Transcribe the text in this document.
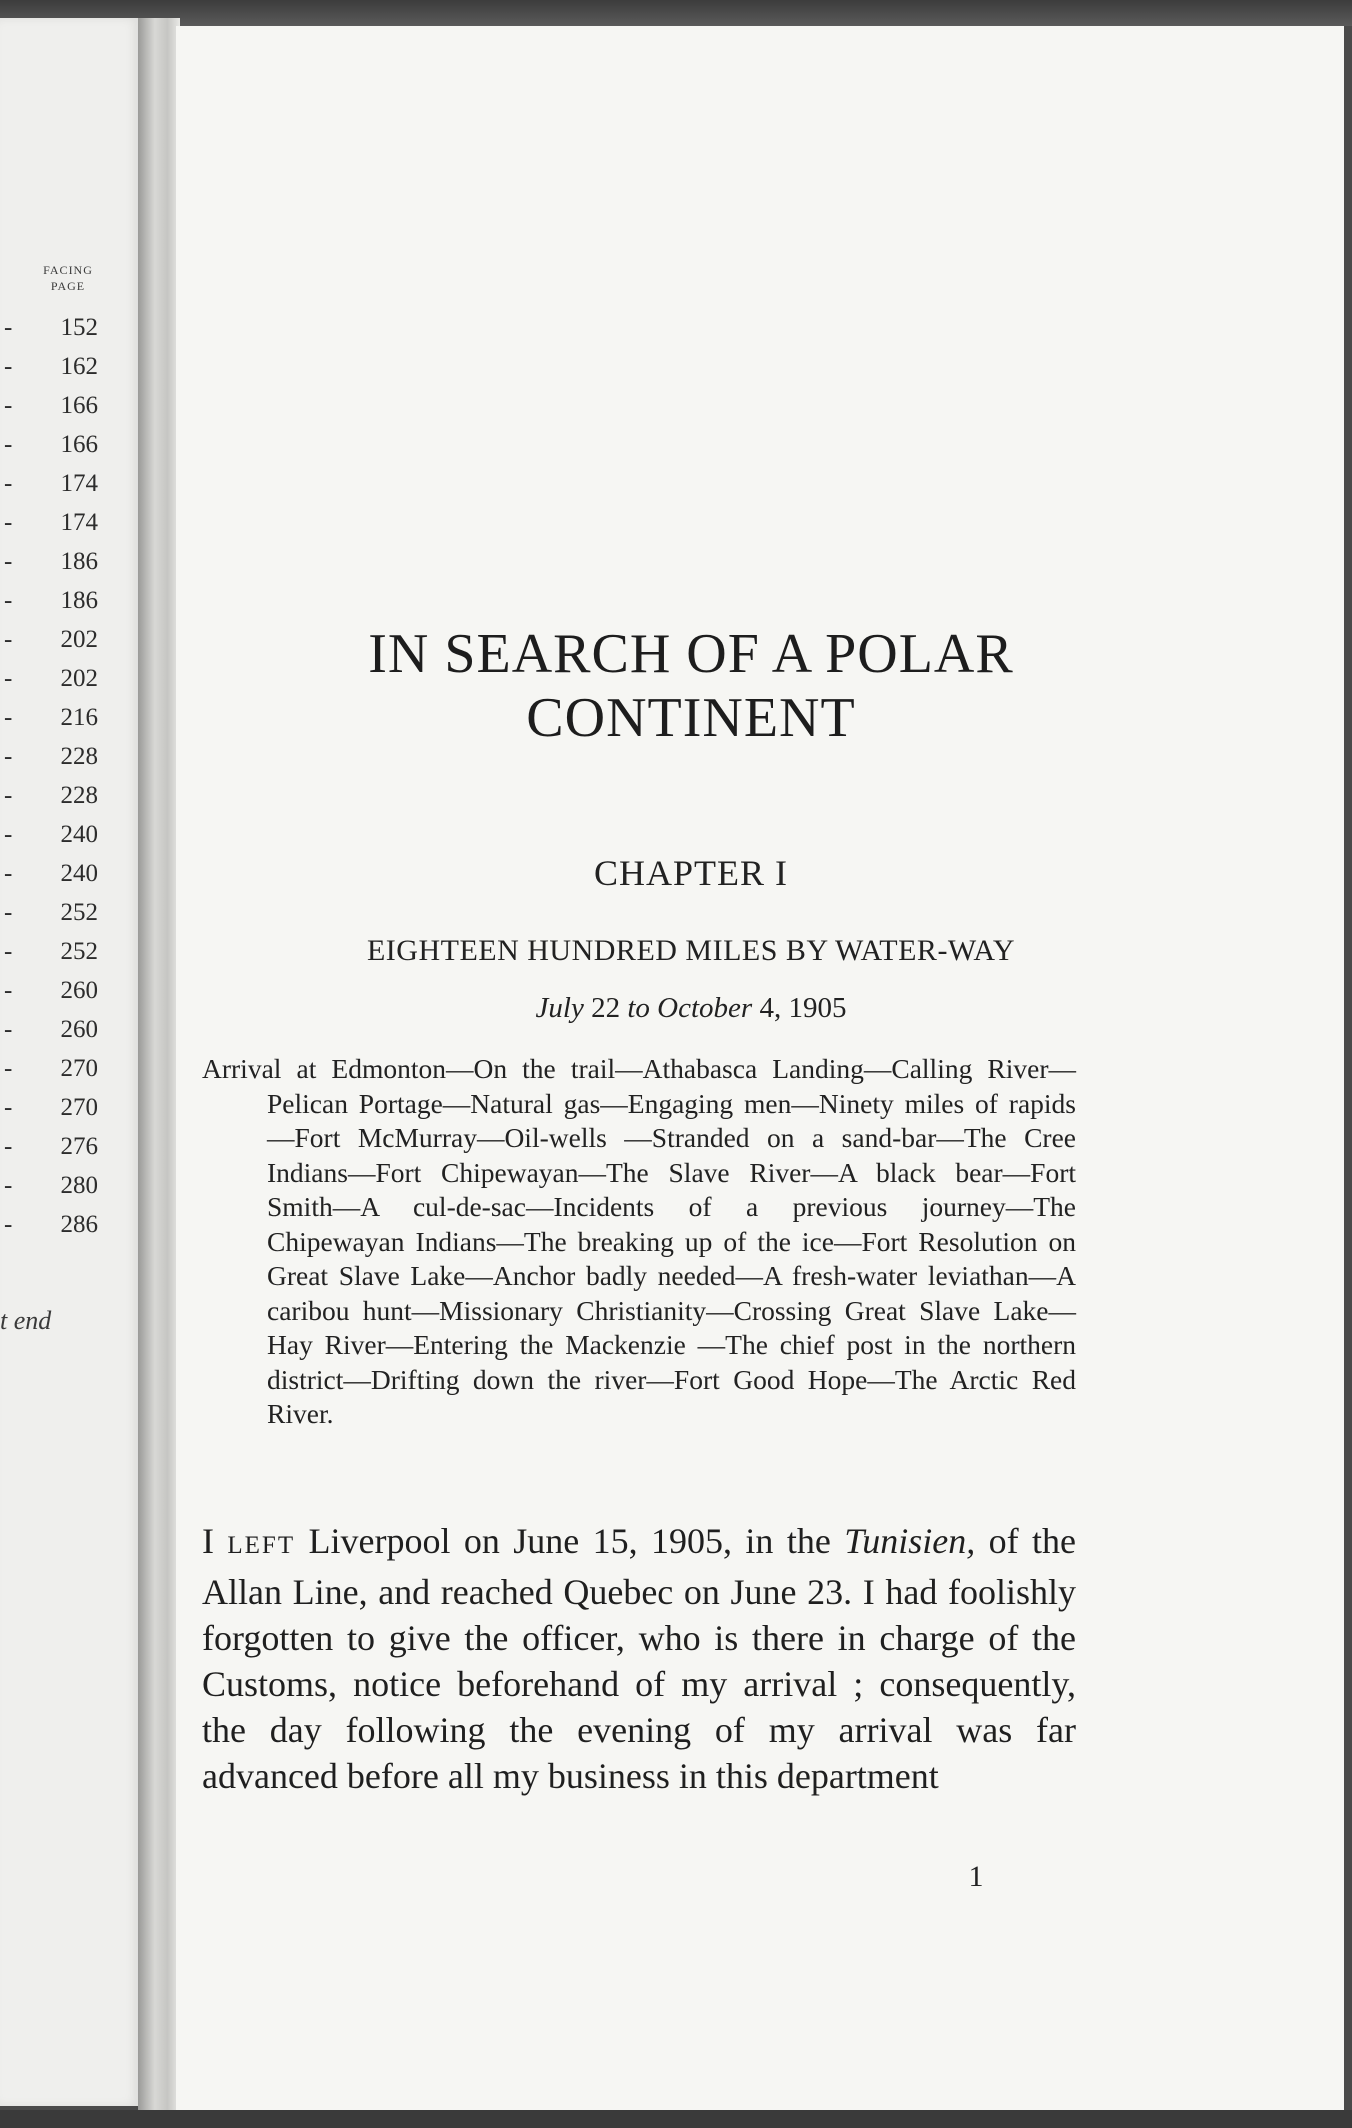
FACING
PAGE
- 152
- 162
- 166
- 166
- 174
- 174
- 186
- 186
- 202
- 202
- 216
- 228
- 228
- 240
- 240
- 252
- 252
- 260
- 260
- 270
- 270
- 276
- 280
- 286
t end
IN SEARCH OF A POLAR
CONTINENT
CHAPTER I
EIGHTEEN HUNDRED MILES BY WATER-WAY
July 22 to October 4, 1905

Arrival at Edmonton—On the trail—Athabasca Landing—Calling River—Pelican Portage—Natural gas—Engaging men—Ninety miles of rapids—Fort McMurray—Oil-wells —Stranded on a sand-bar—The Cree Indians—Fort Chipewayan—The Slave River—A black bear—Fort Smith—A cul-de-sac—Incidents of a previous journey—The Chipewayan Indians—The breaking up of the ice—Fort Resolution on Great Slave Lake—Anchor badly needed—A fresh-water leviathan—A caribou hunt—Missionary Christianity—Crossing Great Slave Lake—Hay River—Entering the Mackenzie —The chief post in the northern district—Drifting down the river—Fort Good Hope—The Arctic Red River.

I LEFT Liverpool on June 15, 1905, in the Tunisien, of the Allan Line, and reached Quebec on June 23. I had foolishly forgotten to give the officer, who is there in charge of the Customs, notice beforehand of my arrival ; consequently, the day following the evening of my arrival was far advanced before all my business in this department

1
